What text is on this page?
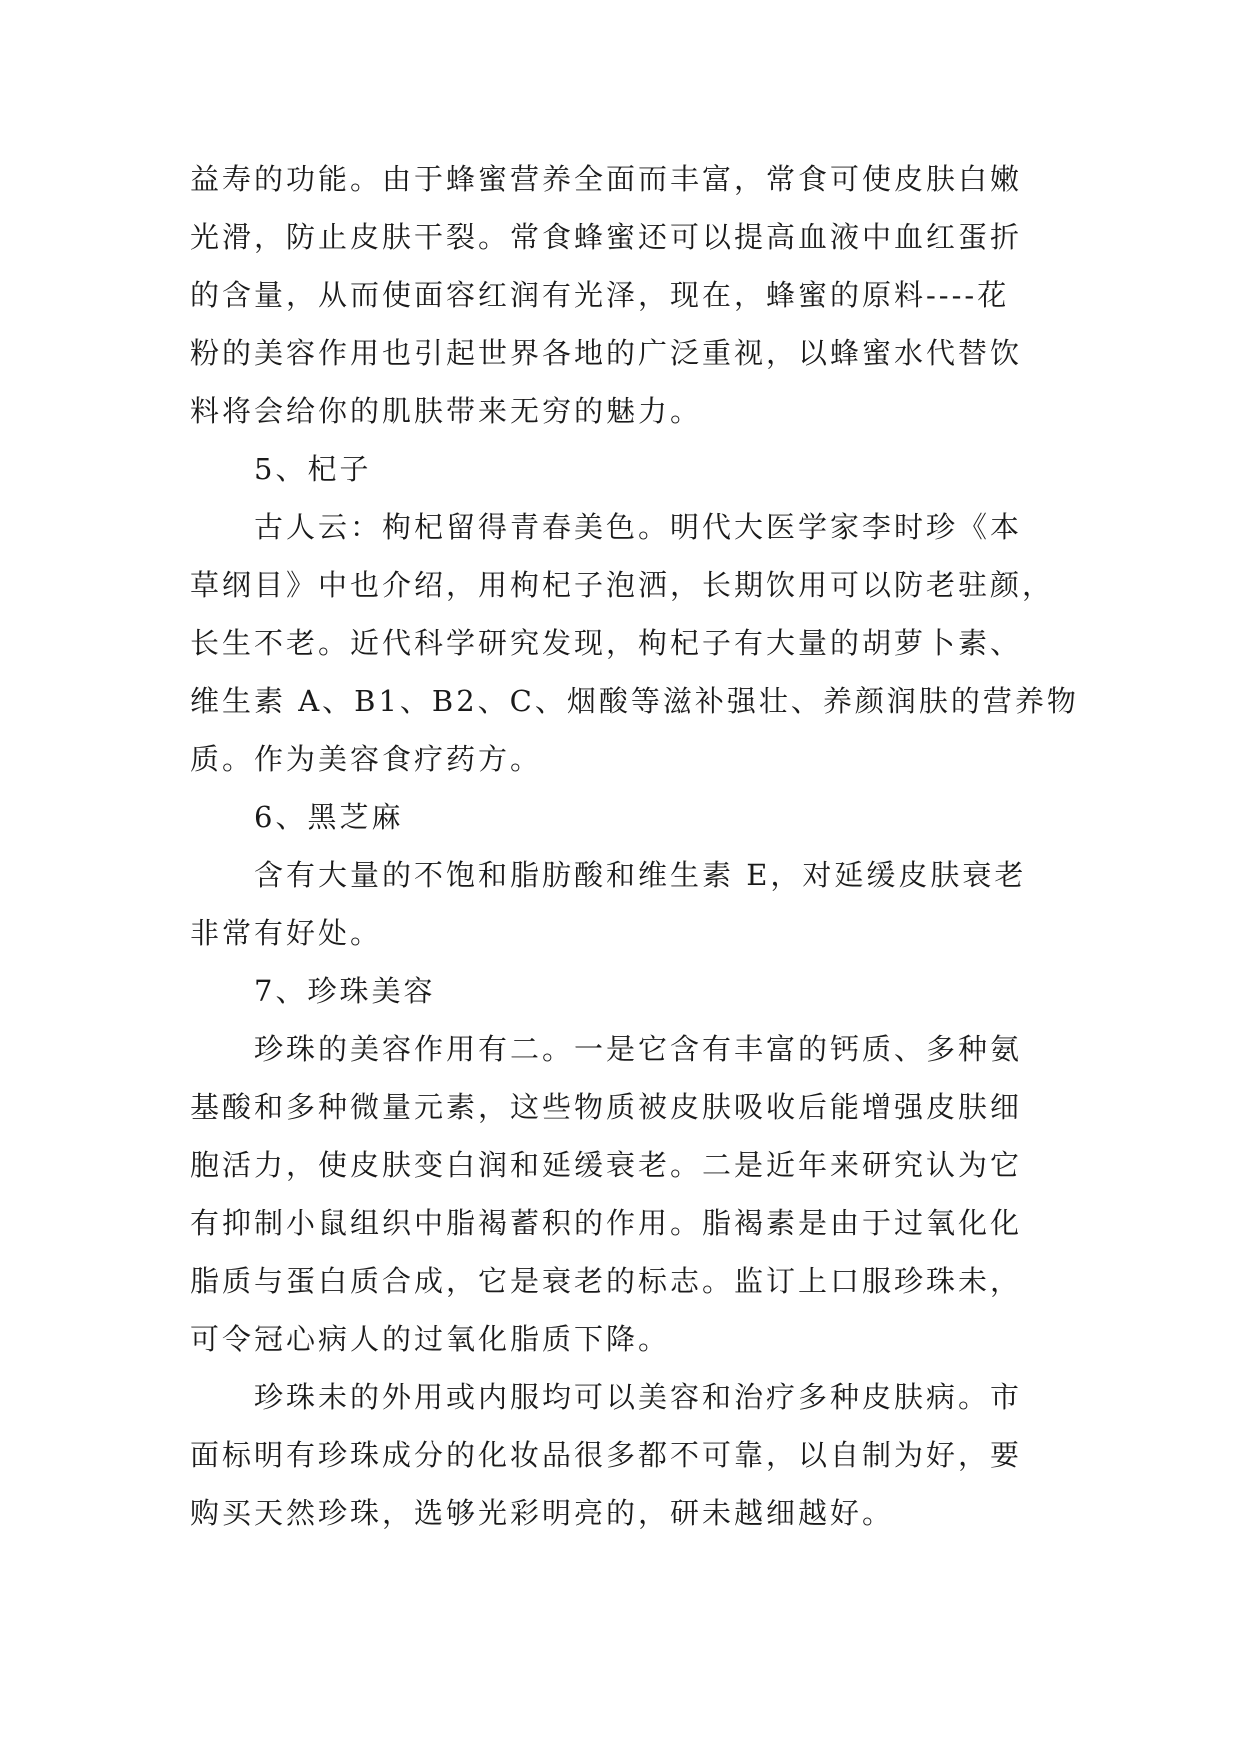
益寿的功能。由于蜂蜜营养全面而丰富，常食可使皮肤白嫩
光滑，防止皮肤干裂。常食蜂蜜还可以提高血液中血红蛋折
的含量，从而使面容红润有光泽，现在，蜂蜜的原料----花
粉的美容作用也引起世界各地的广泛重视，以蜂蜜水代替饮
料将会给你的肌肤带来无穷的魅力。
5、杞子
古人云：枸杞留得青春美色。明代大医学家李时珍《本
草纲目》中也介绍，用枸杞子泡洒，长期饮用可以防老驻颜，
长生不老。近代科学研究发现，枸杞子有大量的胡萝卜素、
维生素 A、B1、B2、C、烟酸等滋补强壮、养颜润肤的营养物
质。作为美容食疗药方。
6、黑芝麻
含有大量的不饱和脂肪酸和维生素 E，对延缓皮肤衰老
非常有好处。
7、珍珠美容
珍珠的美容作用有二。一是它含有丰富的钙质、多种氨
基酸和多种微量元素，这些物质被皮肤吸收后能增强皮肤细
胞活力，使皮肤变白润和延缓衰老。二是近年来研究认为它
有抑制小鼠组织中脂褐蓄积的作用。脂褐素是由于过氧化化
脂质与蛋白质合成，它是衰老的标志。监订上口服珍珠未，
可令冠心病人的过氧化脂质下降。
珍珠未的外用或内服均可以美容和治疗多种皮肤病。市
面标明有珍珠成分的化妆品很多都不可靠，以自制为好，要
购买天然珍珠，选够光彩明亮的，研未越细越好。
